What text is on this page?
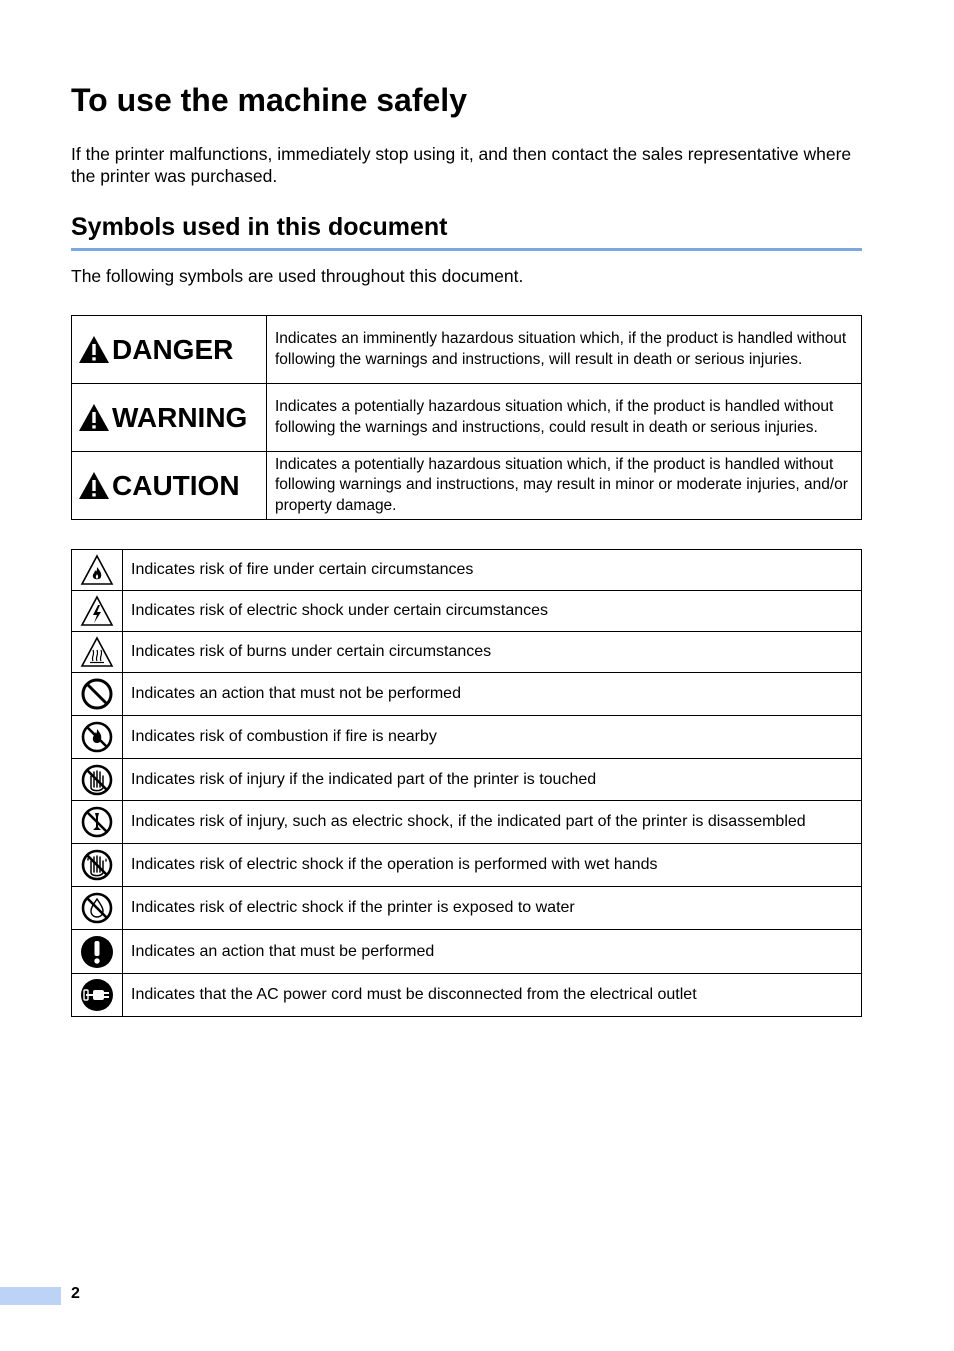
To use the machine safely

If the printer malfunctions, immediately stop using it, and then contact the sales representative where the printer was purchased.

Symbols used in this document

The following symbols are used throughout this document.

DANGER	Indicates an imminently hazardous situation which, if the product is handled without following the warnings and instructions, will result in death or serious injuries.

WARNING	Indicates a potentially hazardous situation which, if the product is handled without following the warnings and instructions, could result in death or serious injuries.

CAUTION	Indicates a potentially hazardous situation which, if the product is handled without following warnings and instructions, may result in minor or moderate injuries, and/or property damage.
	Indicates risk of fire under certain circumstances

	Indicates risk of electric shock under certain circumstances

	Indicates risk of burns under certain circumstances

	Indicates an action that must not be performed

	Indicates risk of combustion if fire is nearby

	Indicates risk of injury if the indicated part of the printer is touched

	Indicates risk of injury, such as electric shock, if the indicated part of the printer is disassembled

	Indicates risk of electric shock if the operation is performed with wet hands

	Indicates risk of electric shock if the printer is exposed to water

	Indicates an action that must be performed

	Indicates that the AC power cord must be disconnected from the electrical outlet
2
